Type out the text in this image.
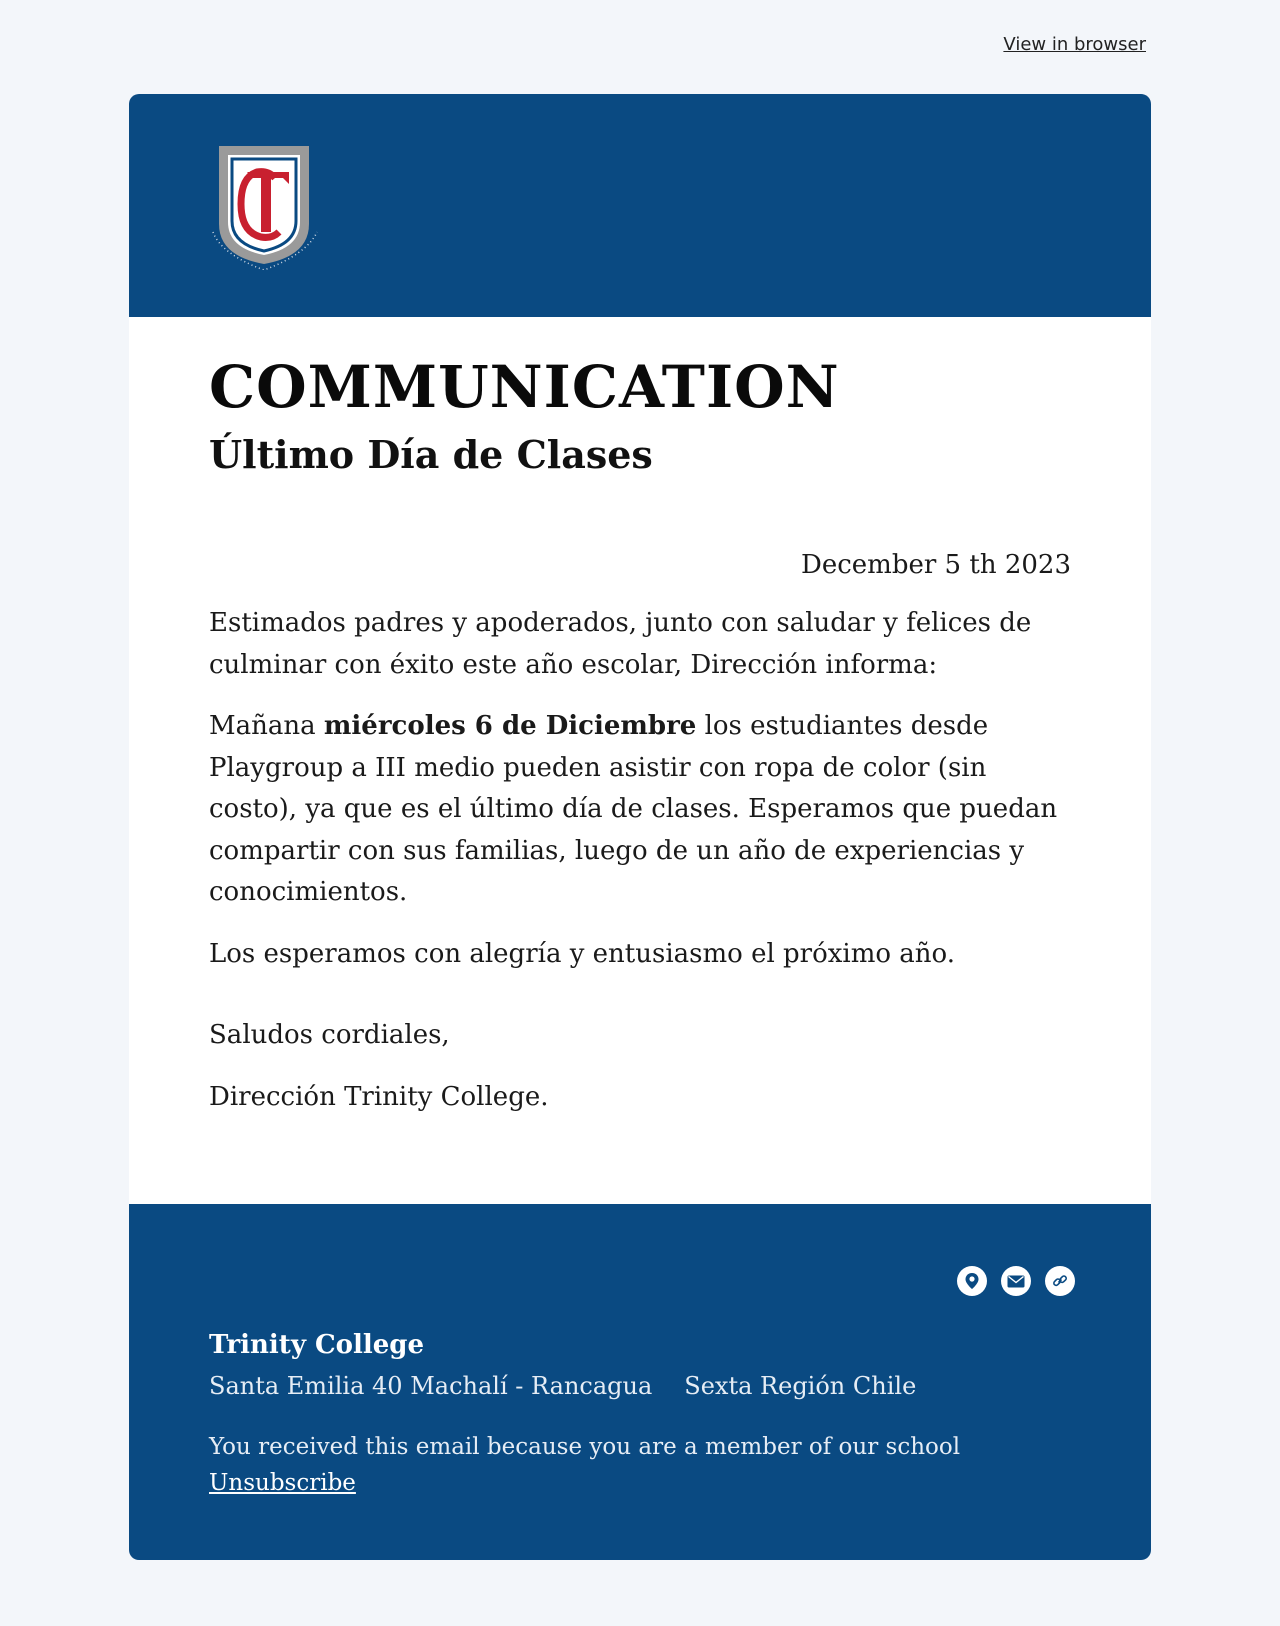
View in browser
COMMUNICATION
Último Día de Clases
December 5 th 2023

Estimados padres y apoderados, junto con saludar y felices de culminar con éxito este año escolar, Dirección informa:

Mañana miércoles 6 de Diciembre los estudiantes desde Playgroup a III medio pueden asistir con ropa de color (sin costo), ya que es el último día de clases. Esperamos que puedan compartir con sus familias, luego de un año de experiencias y conocimientos.

Los esperamos con alegría y entusiasmo el próximo año.

Saludos cordiales,

Dirección Trinity College.

Trinity College
Santa Emilia 40 Machalí - Rancagua Sexta Región Chile
You received this email because you are a member of our school
Unsubscribe
